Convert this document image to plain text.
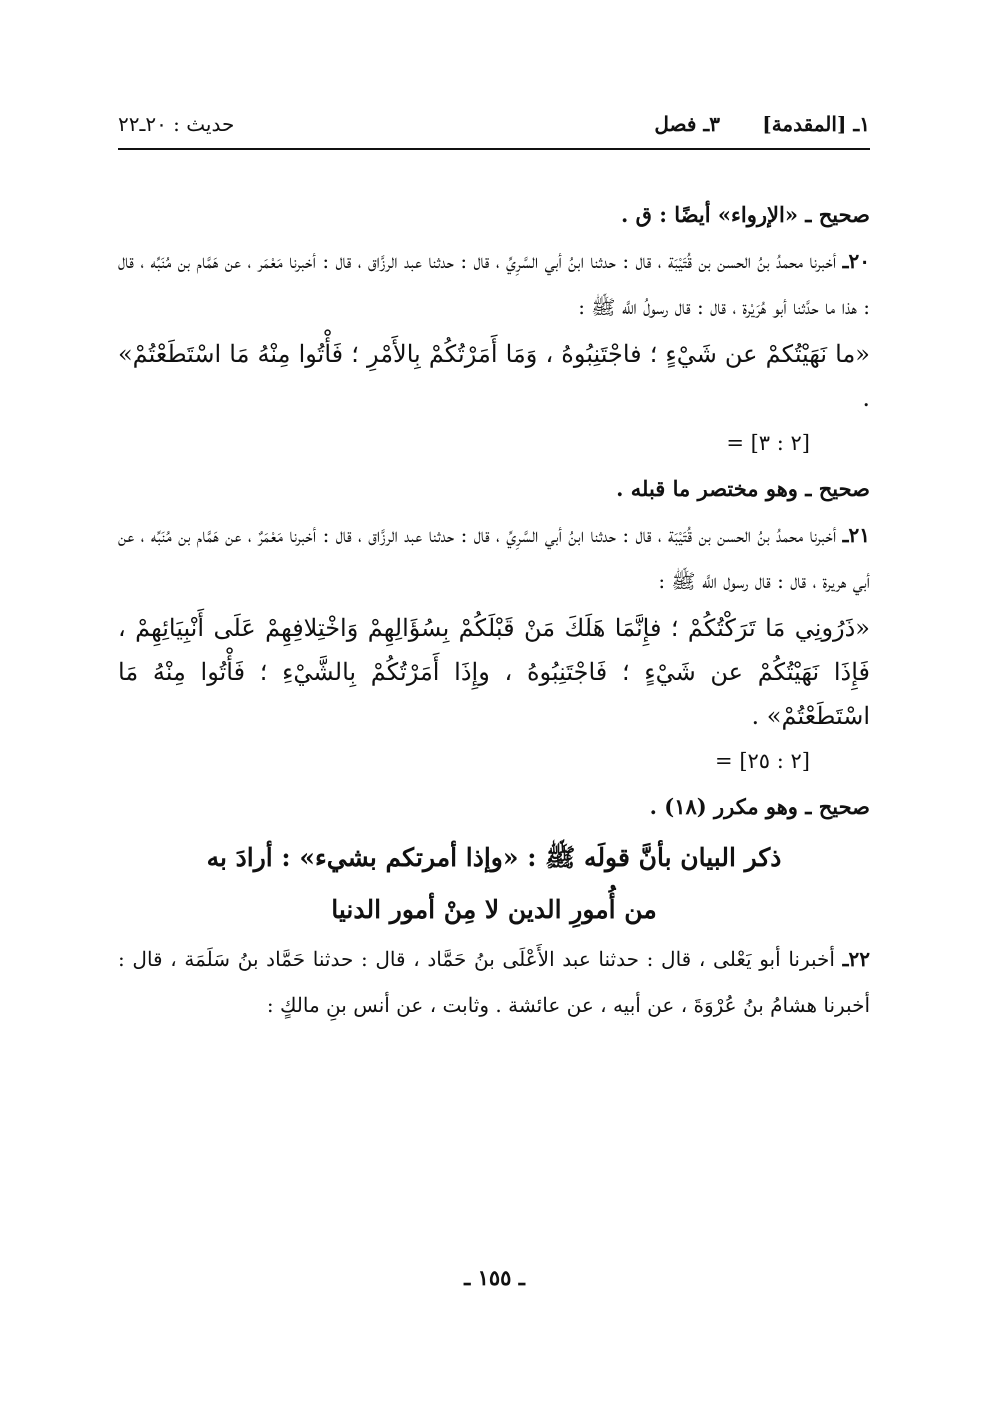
١ـ [المقدمة]
٣ـ فصل
حديث : ٢٠ـ٢٢

صحيح ـ «الإرواء» أيضًا : ق .

٢٠ـ أخبرنا محمدُ بنُ الحسن بن قُتَيْبَة ، قال : حدثنا ابنُ أبي السَّرِيِّ ، قال : حدثنا عبد الرزَّاق ، قال : أخبرنا مَعْمَر ، عن هَمَّام بن مُنَبِّه ، قال : هذا ما حدَّثنا أبو هُرَيْرة ، قال : قال رسولُ اللَّه ﷺ :

«ما نَهَيْتُكمْ عن شَيْءٍ ؛ فاجْتَنِبُوهُ ، وَمَا أَمَرْتُكُمْ بِالأَمْرِ ؛ فَأْتُوا مِنْهُ مَا اسْتَطَعْتُمْ» .

= [٢ : ٣]

صحيح ـ وهو مختصر ما قبله .

٢١ـ أخبرنا محمدُ بنُ الحسن بن قُتَيْبَة ، قال : حدثنا ابنُ أبي السَّرِيِّ ، قال : حدثنا عبد الرزَّاق ، قال : أخبرنا مَعْمَرٌ ، عن هَمَّام بن مُنَبِّه ، عن أبي هريرة ، قال : قال رسول اللَّه ﷺ :

«ذَرُونِي مَا تَرَكْتُكُمْ ؛ فإِنَّمَا هَلَكَ مَنْ قَبْلَكُمْ بِسُؤَالِهِمْ وَاخْتِلافِهِمْ عَلَى أَنْبِيَائِهِمْ ، فَإِذَا نَهَيْتُكُمْ عن شَيْءٍ ؛ فَاجْتَنِبُوهُ ، وإِذَا أَمَرْتُكُمْ بِالشَّيْءِ ؛ فَأْتُوا مِنْهُ مَا اسْتَطَعْتُمْ» .

= [٢ : ٢٥]

صحيح ـ وهو مكرر (١٨) .

ذكر البيان بأنَّ قولَه ﷺ : «وإذا أمرتكم بشيء» : أرادَ به
من أُمورِ الدين لا مِنْ أمور الدنيا

٢٢ـ أخبرنا أبو يَعْلى ، قال : حدثنا عبد الأَعْلَى بنُ حَمَّاد ، قال : حدثنا حَمَّاد بنُ سَلَمَة ، قال : أخبرنا هشامُ بنُ عُرْوَةَ ، عن أبيه ، عن عائشة . وثابت ، عن أنس بنِ مالكٍ :

ـ ١٥٥ ـ
